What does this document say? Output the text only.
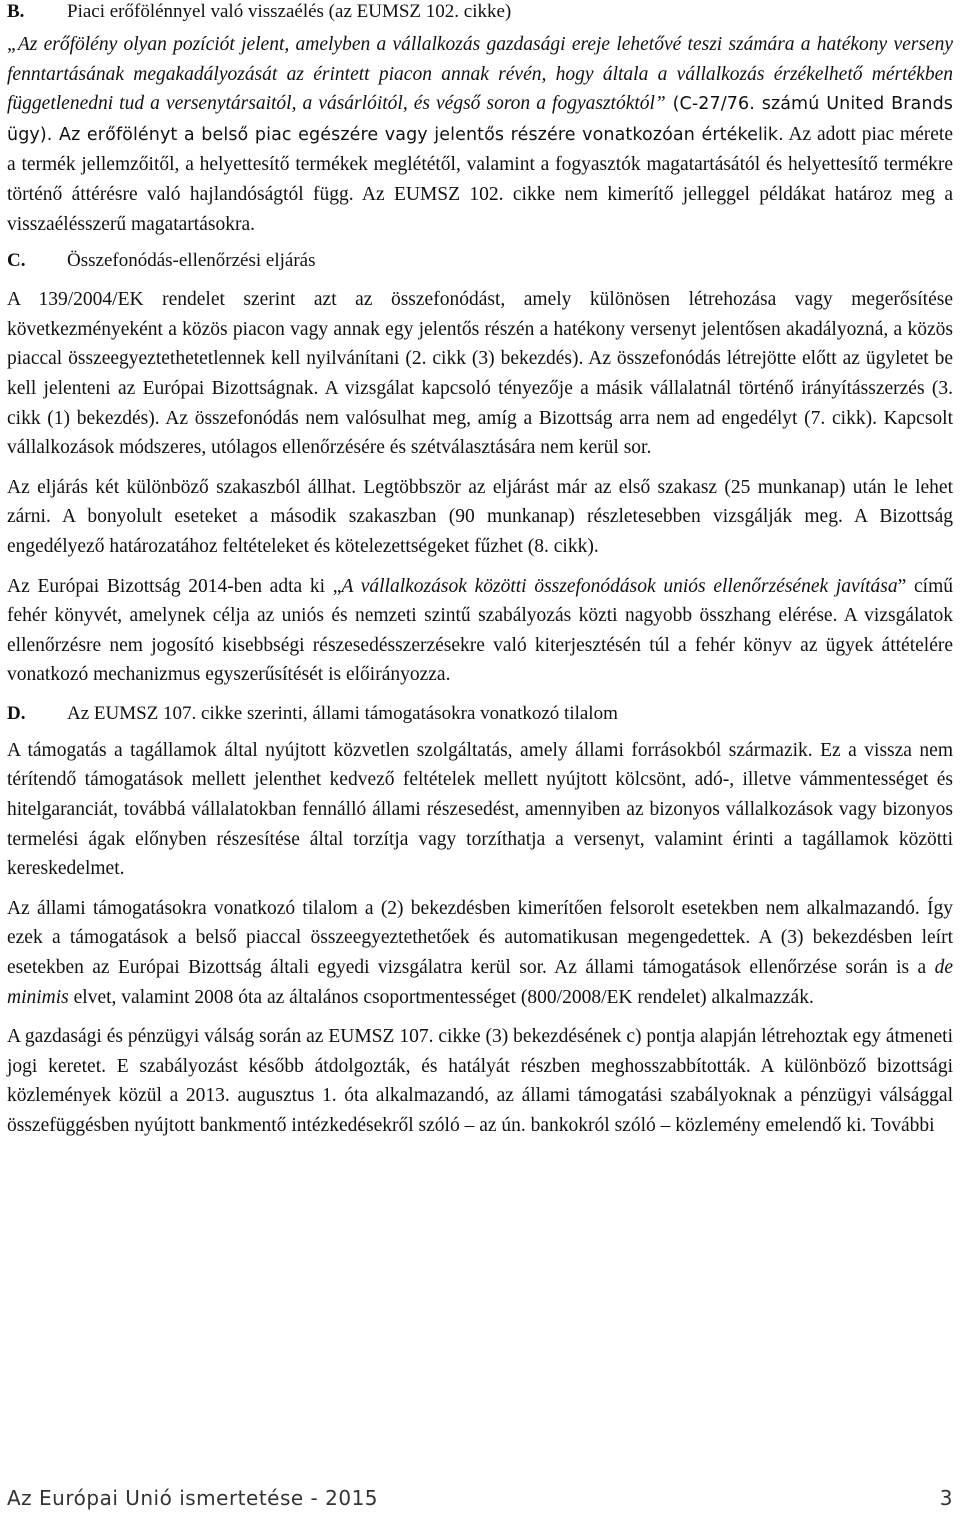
B.	Piaci erőfölénnyel való visszaélés (az EUMSZ 102. cikke)

„Az erőfölény olyan pozíciót jelent, amelyben a vállalkozás gazdasági ereje lehetővé teszi számára a hatékony verseny fenntartásának megakadályozását az érintett piacon annak révén, hogy általa a vállalkozás érzékelhető mértékben függetlenedni tud a versenytársaitól, a vásárlóitól, és végső soron a fogyasztóktól” (C-27/76. számú United Brands ügy). Az erőfölényt a belső piac egészére vagy jelentős részére vonatkozóan értékelik. Az adott piac mérete a termék jellemzőitől, a helyettesítő termékek meglététől, valamint a fogyasztók magatartásától és helyettesítő termékre történő áttérésre való hajlandóságtól függ. Az EUMSZ 102. cikke nem kimerítő jelleggel példákat határoz meg a visszaélésszerű magatartásokra.

C.	Összefonódás-ellenőrzési eljárás

A 139/2004/EK rendelet szerint azt az összefonódást, amely különösen létrehozása vagy megerősítése következményeként a közös piacon vagy annak egy jelentős részén a hatékony versenyt jelentősen akadályozná, a közös piaccal összeegyeztethetetlennek kell nyilvánítani (2. cikk (3) bekezdés). Az összefonódás létrejötte előtt az ügyletet be kell jelenteni az Európai Bizottságnak. A vizsgálat kapcsoló tényezője a másik vállalatnál történő irányításszerzés (3. cikk (1) bekezdés). Az összefonódás nem valósulhat meg, amíg a Bizottság arra nem ad engedélyt (7. cikk). Kapcsolt vállalkozások módszeres, utólagos ellenőrzésére és szétválasztására nem kerül sor.

Az eljárás két különböző szakaszból állhat. Legtöbbször az eljárást már az első szakasz (25 munkanap) után le lehet zárni. A bonyolult eseteket a második szakaszban (90 munkanap) részletesebben vizsgálják meg. A Bizottság engedélyező határozatához feltételeket és kötelezettségeket fűzhet (8. cikk).

Az Európai Bizottság 2014-ben adta ki „A vállalkozások közötti összefonódások uniós ellenőrzésének javítása” című fehér könyvét, amelynek célja az uniós és nemzeti szintű szabályozás közti nagyobb összhang elérése. A vizsgálatok ellenőrzésre nem jogosító kisebbségi részesedésszerzésekre való kiterjesztésén túl a fehér könyv az ügyek áttételére vonatkozó mechanizmus egyszerűsítését is előirányozza.

D.	Az EUMSZ 107. cikke szerinti, állami támogatásokra vonatkozó tilalom

A támogatás a tagállamok által nyújtott közvetlen szolgáltatás, amely állami forrásokból származik. Ez a vissza nem térítendő támogatások mellett jelenthet kedvező feltételek mellett nyújtott kölcsönt, adó-, illetve vámmentességet és hitelgaranciát, továbbá vállalatokban fennálló állami részesedést, amennyiben az bizonyos vállalkozások vagy bizonyos termelési ágak előnyben részesítése által torzítja vagy torzíthatja a versenyt, valamint érinti a tagállamok közötti kereskedelmet.

Az állami támogatásokra vonatkozó tilalom a (2) bekezdésben kimerítően felsorolt esetekben nem alkalmazandó. Így ezek a támogatások a belső piaccal összeegyeztethetőek és automatikusan megengedettek. A (3) bekezdésben leírt esetekben az Európai Bizottság általi egyedi vizsgálatra kerül sor. Az állami támogatások ellenőrzése során is a de minimis elvet, valamint 2008 óta az általános csoportmentességet (800/2008/EK rendelet) alkalmazzák.

A gazdasági és pénzügyi válság során az EUMSZ 107. cikke (3) bekezdésének c) pontja alapján létrehoztak egy átmeneti jogi keretet. E szabályozást később átdolgozták, és hatályát részben meghosszabbították. A különböző bizottsági közlemények közül a 2013. augusztus 1. óta alkalmazandó, az állami támogatási szabályoknak a pénzügyi válsággal összefüggésben nyújtott bankmentő intézkedésekről szóló – az ún. bankokról szóló – közlemény emelendő ki. További

Az Európai Unió ismertetése - 2015	3
